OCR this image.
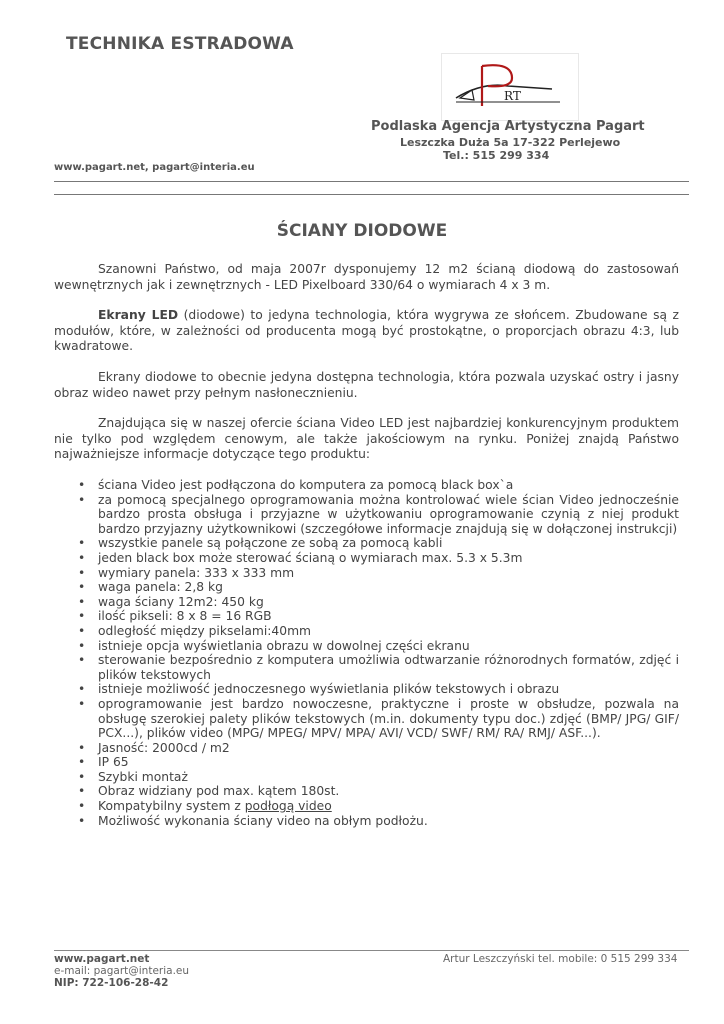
TECHNIKA ESTRADOWA
RT
Podlaska Agencja Artystyczna Pagart
Leszczka Duża 5a 17-322 Perlejewo
Tel.: 515 299 334
www.pagart.net, pagart@interia.eu
ŚCIANY DIODOWE

Szanowni Państwo, od maja 2007r dysponujemy 12 m2 ścianą diodową do zastosowań wewnętrznych jak i zewnętrznych - LED Pixelboard 330/64 o wymiarach 4 x 3 m.

Ekrany LED (diodowe) to jedyna technologia, która wygrywa ze słońcem. Zbudowane są z modułów, które, w zależności od producenta mogą być prostokątne, o proporcjach obrazu 4:3, lub kwadratowe.

Ekrany diodowe to obecnie jedyna dostępna technologia, która pozwala uzyskać ostry i jasny obraz wideo nawet przy pełnym nasłonecznieniu.

Znajdująca się w naszej ofercie ściana Video LED jest najbardziej konkurencyjnym produktem nie tylko pod względem cenowym, ale także jakościowym na rynku. Poniżej znajdą Państwo najważniejsze informacje dotyczące tego produktu:

•	ściana Video jest podłączona do komputera za pomocą black box`a
•	za pomocą specjalnego oprogramowania można kontrolować wiele ścian Video jednocześnie bardzo prosta obsługa i przyjazne w użytkowaniu oprogramowanie czynią z niej produkt bardzo przyjazny użytkownikowi (szczegółowe informacje znajdują się w dołączonej instrukcji)
•	wszystkie panele są połączone ze sobą za pomocą kabli
•	jeden black box może sterować ścianą o wymiarach max. 5.3 x 5.3m
•	wymiary panela: 333 x 333 mm
•	waga panela: 2,8 kg
•	waga ściany 12m2: 450 kg
•	ilość pikseli: 8 x 8 = 16 RGB
•	odległość między pikselami:40mm
•	istnieje opcja wyświetlania obrazu w dowolnej części ekranu
•	sterowanie bezpośrednio z komputera umożliwia odtwarzanie różnorodnych formatów, zdjęć i plików tekstowych
•	istnieje możliwość jednoczesnego wyświetlania plików tekstowych i obrazu
•	oprogramowanie jest bardzo nowoczesne, praktyczne i proste w obsłudze, pozwala na obsługę szerokiej palety plików tekstowych (m.in. dokumenty typu doc.) zdjęć (BMP/ JPG/ GIF/ PCX...), plików video (MPG/ MPEG/ MPV/ MPA/ AVI/ VCD/ SWF/ RM/ RA/ RMJ/ ASF...).
•	Jasność: 2000cd / m2
•	IP 65
•	Szybki montaż
•	Obraz widziany pod max. kątem 180st.
•	Kompatybilny system z podłogą video
•	Możliwość wykonania ściany video na obłym podłożu.
www.pagart.net	Artur Leszczyński tel. mobile: 0 515 299 334
e-mail: pagart@interia.eu
NIP: 722-106-28-42
